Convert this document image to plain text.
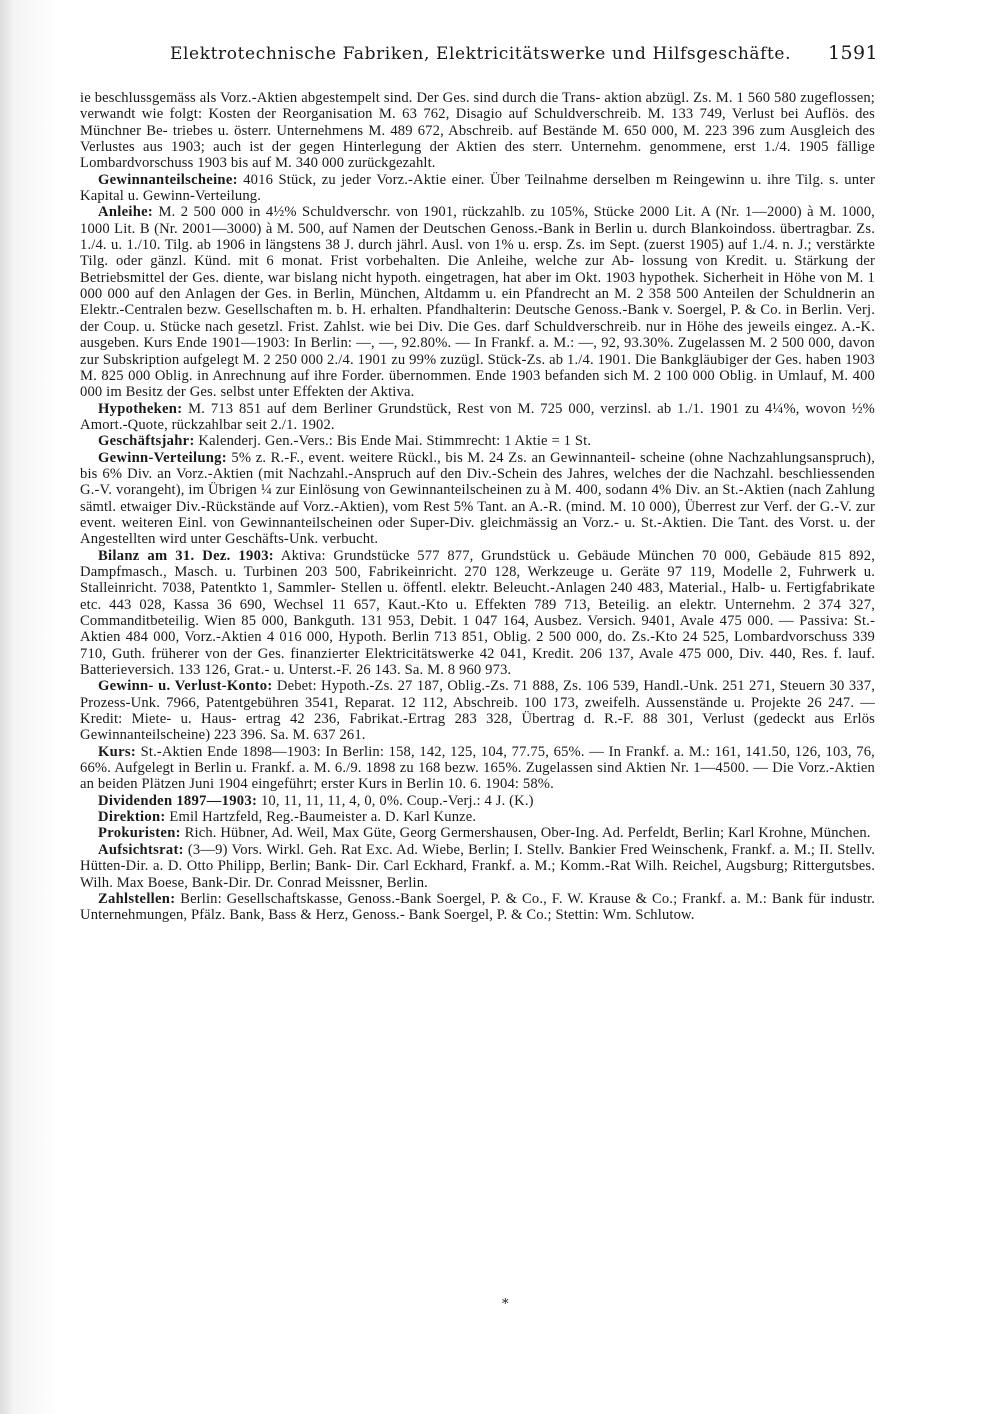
Elektrotechnische Fabriken, Elektricitätswerke und Hilfsgeschäfte. 1591

ie beschlussgemäss als Vorz.-Aktien abgestempelt sind. Der Ges. sind durch die Trans- aktion abzügl. Zs. M. 1 560 580 zugeflossen; verwandt wie folgt: Kosten der Reorganisation M. 63 762, Disagio auf Schuldverschreib. M. 133 749, Verlust bei Auflös. des Münchner Be- triebes u. österr. Unternehmens M. 489 672, Abschreib. auf Bestände M. 650 000, M. 223 396 zum Ausgleich des Verlustes aus 1903; auch ist der gegen Hinterlegung der Aktien des sterr. Unternehm. genommene, erst 1./4. 1905 fällige Lombardvorschuss 1903 bis auf M. 340 000 zurückgezahlt.

Gewinnanteilscheine: 4016 Stück, zu jeder Vorz.-Aktie einer. Über Teilnahme derselben m Reingewinn u. ihre Tilg. s. unter Kapital u. Gewinn-Verteilung.

Anleihe: M. 2 500 000 in 4½% Schuldverschr. von 1901, rückzahlb. zu 105%, Stücke 2000 Lit. A (Nr. 1—2000) à M. 1000, 1000 Lit. B (Nr. 2001—3000) à M. 500, auf Namen der Deutschen Genoss.-Bank in Berlin u. durch Blankoindoss. übertragbar. Zs. 1./4. u. 1./10. Tilg. ab 1906 in längstens 38 J. durch jährl. Ausl. von 1% u. ersp. Zs. im Sept. (zuerst 1905) auf 1./4. n. J.; verstärkte Tilg. oder gänzl. Künd. mit 6 monat. Frist vorbehalten. Die Anleihe, welche zur Ab- lossung von Kredit. u. Stärkung der Betriebsmittel der Ges. diente, war bislang nicht hypoth. eingetragen, hat aber im Okt. 1903 hypothek. Sicherheit in Höhe von M. 1 000 000 auf den Anlagen der Ges. in Berlin, München, Altdamm u. ein Pfandrecht an M. 2 358 500 Anteilen der Schuldnerin an Elektr.-Centralen bezw. Gesellschaften m. b. H. erhalten. Pfandhalterin: Deutsche Genoss.-Bank v. Soergel, P. & Co. in Berlin. Verj. der Coup. u. Stücke nach gesetzl. Frist. Zahlst. wie bei Div. Die Ges. darf Schuldverschreib. nur in Höhe des jeweils eingez. A.-K. ausgeben. Kurs Ende 1901—1903: In Berlin: —, —, 92.80%. — In Frankf. a. M.: —, 92, 93.30%. Zugelassen M. 2 500 000, davon zur Subskription aufgelegt M. 2 250 000 2./4. 1901 zu 99% zuzügl. Stück-Zs. ab 1./4. 1901. Die Bankgläubiger der Ges. haben 1903 M. 825 000 Oblig. in Anrechnung auf ihre Forder. übernommen. Ende 1903 befanden sich M. 2 100 000 Oblig. in Umlauf, M. 400 000 im Besitz der Ges. selbst unter Effekten der Aktiva.

Hypotheken: M. 713 851 auf dem Berliner Grundstück, Rest von M. 725 000, verzinsl. ab 1./1. 1901 zu 4¼%, wovon ½% Amort.-Quote, rückzahlbar seit 2./1. 1902.

Geschäftsjahr: Kalenderj. Gen.-Vers.: Bis Ende Mai. Stimmrecht: 1 Aktie = 1 St.

Gewinn-Verteilung: 5% z. R.-F., event. weitere Rückl., bis M. 24 Zs. an Gewinnanteil- scheine (ohne Nachzahlungsanspruch), bis 6% Div. an Vorz.-Aktien (mit Nachzahl.-Anspruch auf den Div.-Schein des Jahres, welches der die Nachzahl. beschliessenden G.-V. vorangeht), im Übrigen ¼ zur Einlösung von Gewinnanteilscheinen zu à M. 400, sodann 4% Div. an St.-Aktien (nach Zahlung sämtl. etwaiger Div.-Rückstände auf Vorz.-Aktien), vom Rest 5% Tant. an A.-R. (mind. M. 10 000), Überrest zur Verf. der G.-V. zur event. weiteren Einl. von Gewinnanteilscheinen oder Super-Div. gleichmässig an Vorz.- u. St.-Aktien. Die Tant. des Vorst. u. der Angestellten wird unter Geschäfts-Unk. verbucht.

Bilanz am 31. Dez. 1903: Aktiva: Grundstücke 577 877, Grundstück u. Gebäude München 70 000, Gebäude 815 892, Dampfmasch., Masch. u. Turbinen 203 500, Fabrikeinricht. 270 128, Werkzeuge u. Geräte 97 119, Modelle 2, Fuhrwerk u. Stalleinricht. 7038, Patentkto 1, Sammler- Stellen u. öffentl. elektr. Beleucht.-Anlagen 240 483, Material., Halb- u. Fertigfabrikate etc. 443 028, Kassa 36 690, Wechsel 11 657, Kaut.-Kto u. Effekten 789 713, Beteilig. an elektr. Unternehm. 2 374 327, Commanditbeteilig. Wien 85 000, Bankguth. 131 953, Debit. 1 047 164, Ausbez. Versich. 9401, Avale 475 000. — Passiva: St.-Aktien 484 000, Vorz.-Aktien 4 016 000, Hypoth. Berlin 713 851, Oblig. 2 500 000, do. Zs.-Kto 24 525, Lombardvorschuss 339 710, Guth. früherer von der Ges. finanzierter Elektricitätswerke 42 041, Kredit. 206 137, Avale 475 000, Div. 440, Res. f. lauf. Batterieversich. 133 126, Grat.- u. Unterst.-F. 26 143. Sa. M. 8 960 973.

Gewinn- u. Verlust-Konto: Debet: Hypoth.-Zs. 27 187, Oblig.-Zs. 71 888, Zs. 106 539, Handl.-Unk. 251 271, Steuern 30 337, Prozess-Unk. 7966, Patentgebühren 3541, Reparat. 12 112, Abschreib. 100 173, zweifelh. Aussenstände u. Projekte 26 247. — Kredit: Miete- u. Haus- ertrag 42 236, Fabrikat.-Ertrag 283 328, Übertrag d. R.-F. 88 301, Verlust (gedeckt aus Erlös Gewinnanteilscheine) 223 396. Sa. M. 637 261.

Kurs: St.-Aktien Ende 1898—1903: In Berlin: 158, 142, 125, 104, 77.75, 65%. — In Frankf. a. M.: 161, 141.50, 126, 103, 76, 66%. Aufgelegt in Berlin u. Frankf. a. M. 6./9. 1898 zu 168 bezw. 165%. Zugelassen sind Aktien Nr. 1—4500. — Die Vorz.-Aktien an beiden Plätzen Juni 1904 eingeführt; erster Kurs in Berlin 10. 6. 1904: 58%.

Dividenden 1897—1903: 10, 11, 11, 11, 4, 0, 0%. Coup.-Verj.: 4 J. (K.)

Direktion: Emil Hartzfeld, Reg.-Baumeister a. D. Karl Kunze.

Prokuristen: Rich. Hübner, Ad. Weil, Max Güte, Georg Germershausen, Ober-Ing. Ad. Perfeldt, Berlin; Karl Krohne, München.

Aufsichtsrat: (3—9) Vors. Wirkl. Geh. Rat Exc. Ad. Wiebe, Berlin; I. Stellv. Bankier Fred Weinschenk, Frankf. a. M.; II. Stellv. Hütten-Dir. a. D. Otto Philipp, Berlin; Bank- Dir. Carl Eckhard, Frankf. a. M.; Komm.-Rat Wilh. Reichel, Augsburg; Rittergutsbes. Wilh. Max Boese, Bank-Dir. Dr. Conrad Meissner, Berlin.

Zahlstellen: Berlin: Gesellschaftskasse, Genoss.-Bank Soergel, P. & Co., F. W. Krause & Co.; Frankf. a. M.: Bank für industr. Unternehmungen, Pfälz. Bank, Bass & Herz, Genoss.- Bank Soergel, P. & Co.; Stettin: Wm. Schlutow.

*
